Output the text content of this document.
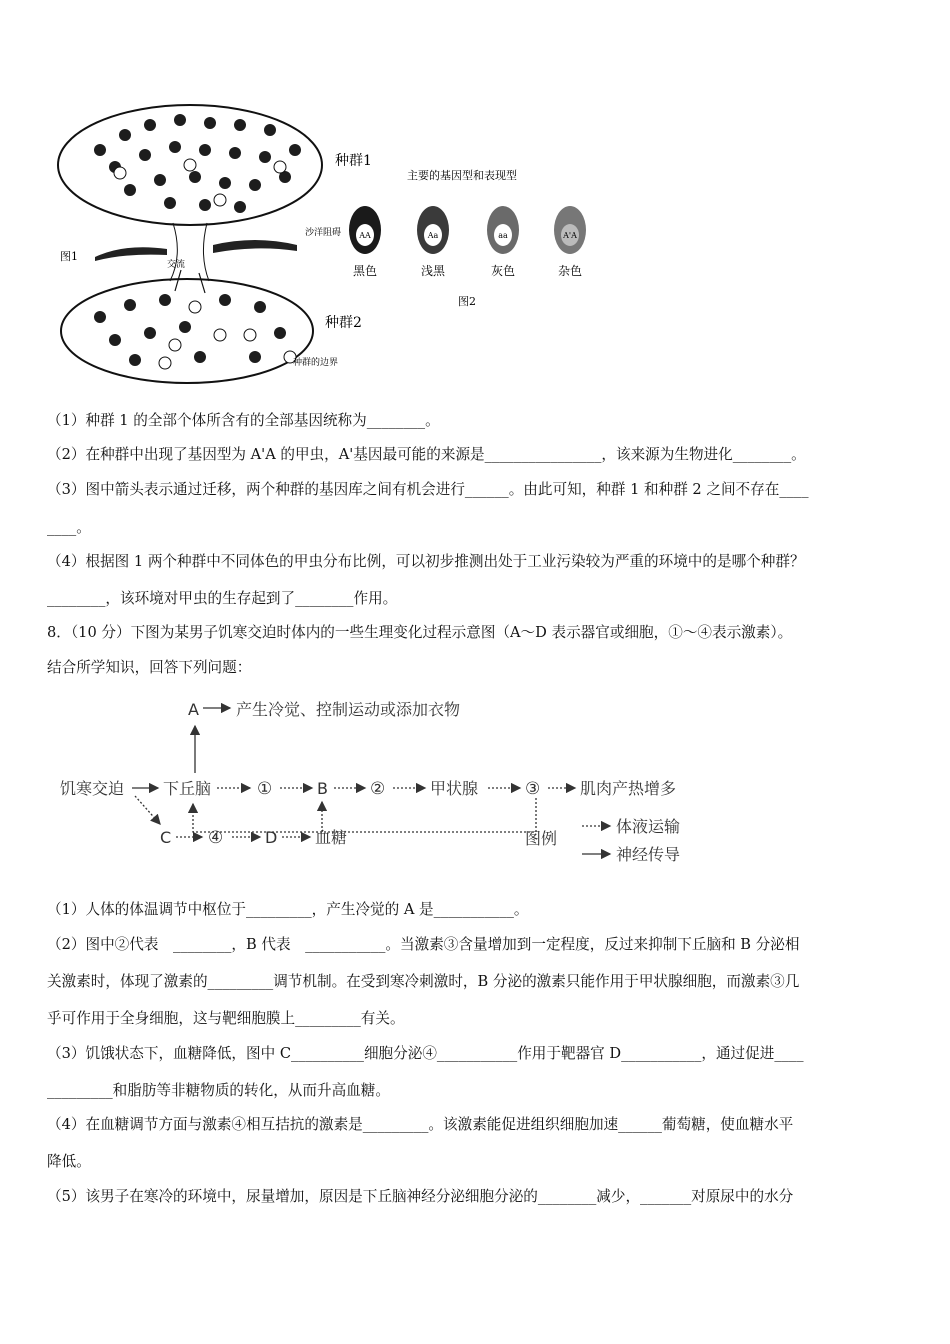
种群1
种群2
图1
交流
沙洋阻碍
种群的边界
主要的基因型和表现型
AA
黑色
Aa
浅黑
aa
灰色
A'A
杂色
图2
（1）种群 1 的全部个体所含有的全部基因统称为________。
（2）在种群中出现了基因型为 A'A 的甲虫，A'基因最可能的来源是________________，该来源为生物进化________。
（3）图中箭头表示通过迁移，两个种群的基因库之间有机会进行______。由此可知，种群 1 和种群 2 之间不存在____
____。
（4）根据图 1 两个种群中不同体色的甲虫分布比例，可以初步推测出处于工业污染较为严重的环境中的是哪个种群？
________，该环境对甲虫的生存起到了________作用。
8．（10 分）下图为某男子饥寒交迫时体内的一些生理变化过程示意图（A～D 表示器官或细胞，①～④表示激素）。
结合所学知识，回答下列问题：
A 产生冷觉、控制运动或添加衣物
饥寒交迫 下丘脑	①	B ②	甲状腺	③ 肌肉产热增多
C ④	D 血糖	图例
体液运输
神经传导
（1）人体的体温调节中枢位于_________，产生冷觉的 A 是___________。
（2）图中②代表　________，B 代表　___________。当激素③含量增加到一定程度，反过来抑制下丘脑和 B 分泌相
关激素时，体现了激素的_________调节机制。在受到寒冷刺激时，B 分泌的激素只能作用于甲状腺细胞，而激素③几
乎可作用于全身细胞，这与靶细胞膜上_________有关。
（3）饥饿状态下，血糖降低，图中 C__________细胞分泌④___________作用于靶器官 D___________，通过促进____
_________和脂肪等非糖物质的转化，从而升高血糖。
（4）在血糖调节方面与激素④相互拮抗的激素是_________。该激素能促进组织细胞加速______葡萄糖，使血糖水平
降低。
（5）该男子在寒冷的环境中，尿量增加，原因是下丘脑神经分泌细胞分泌的________减少，_______对原尿中的水分
